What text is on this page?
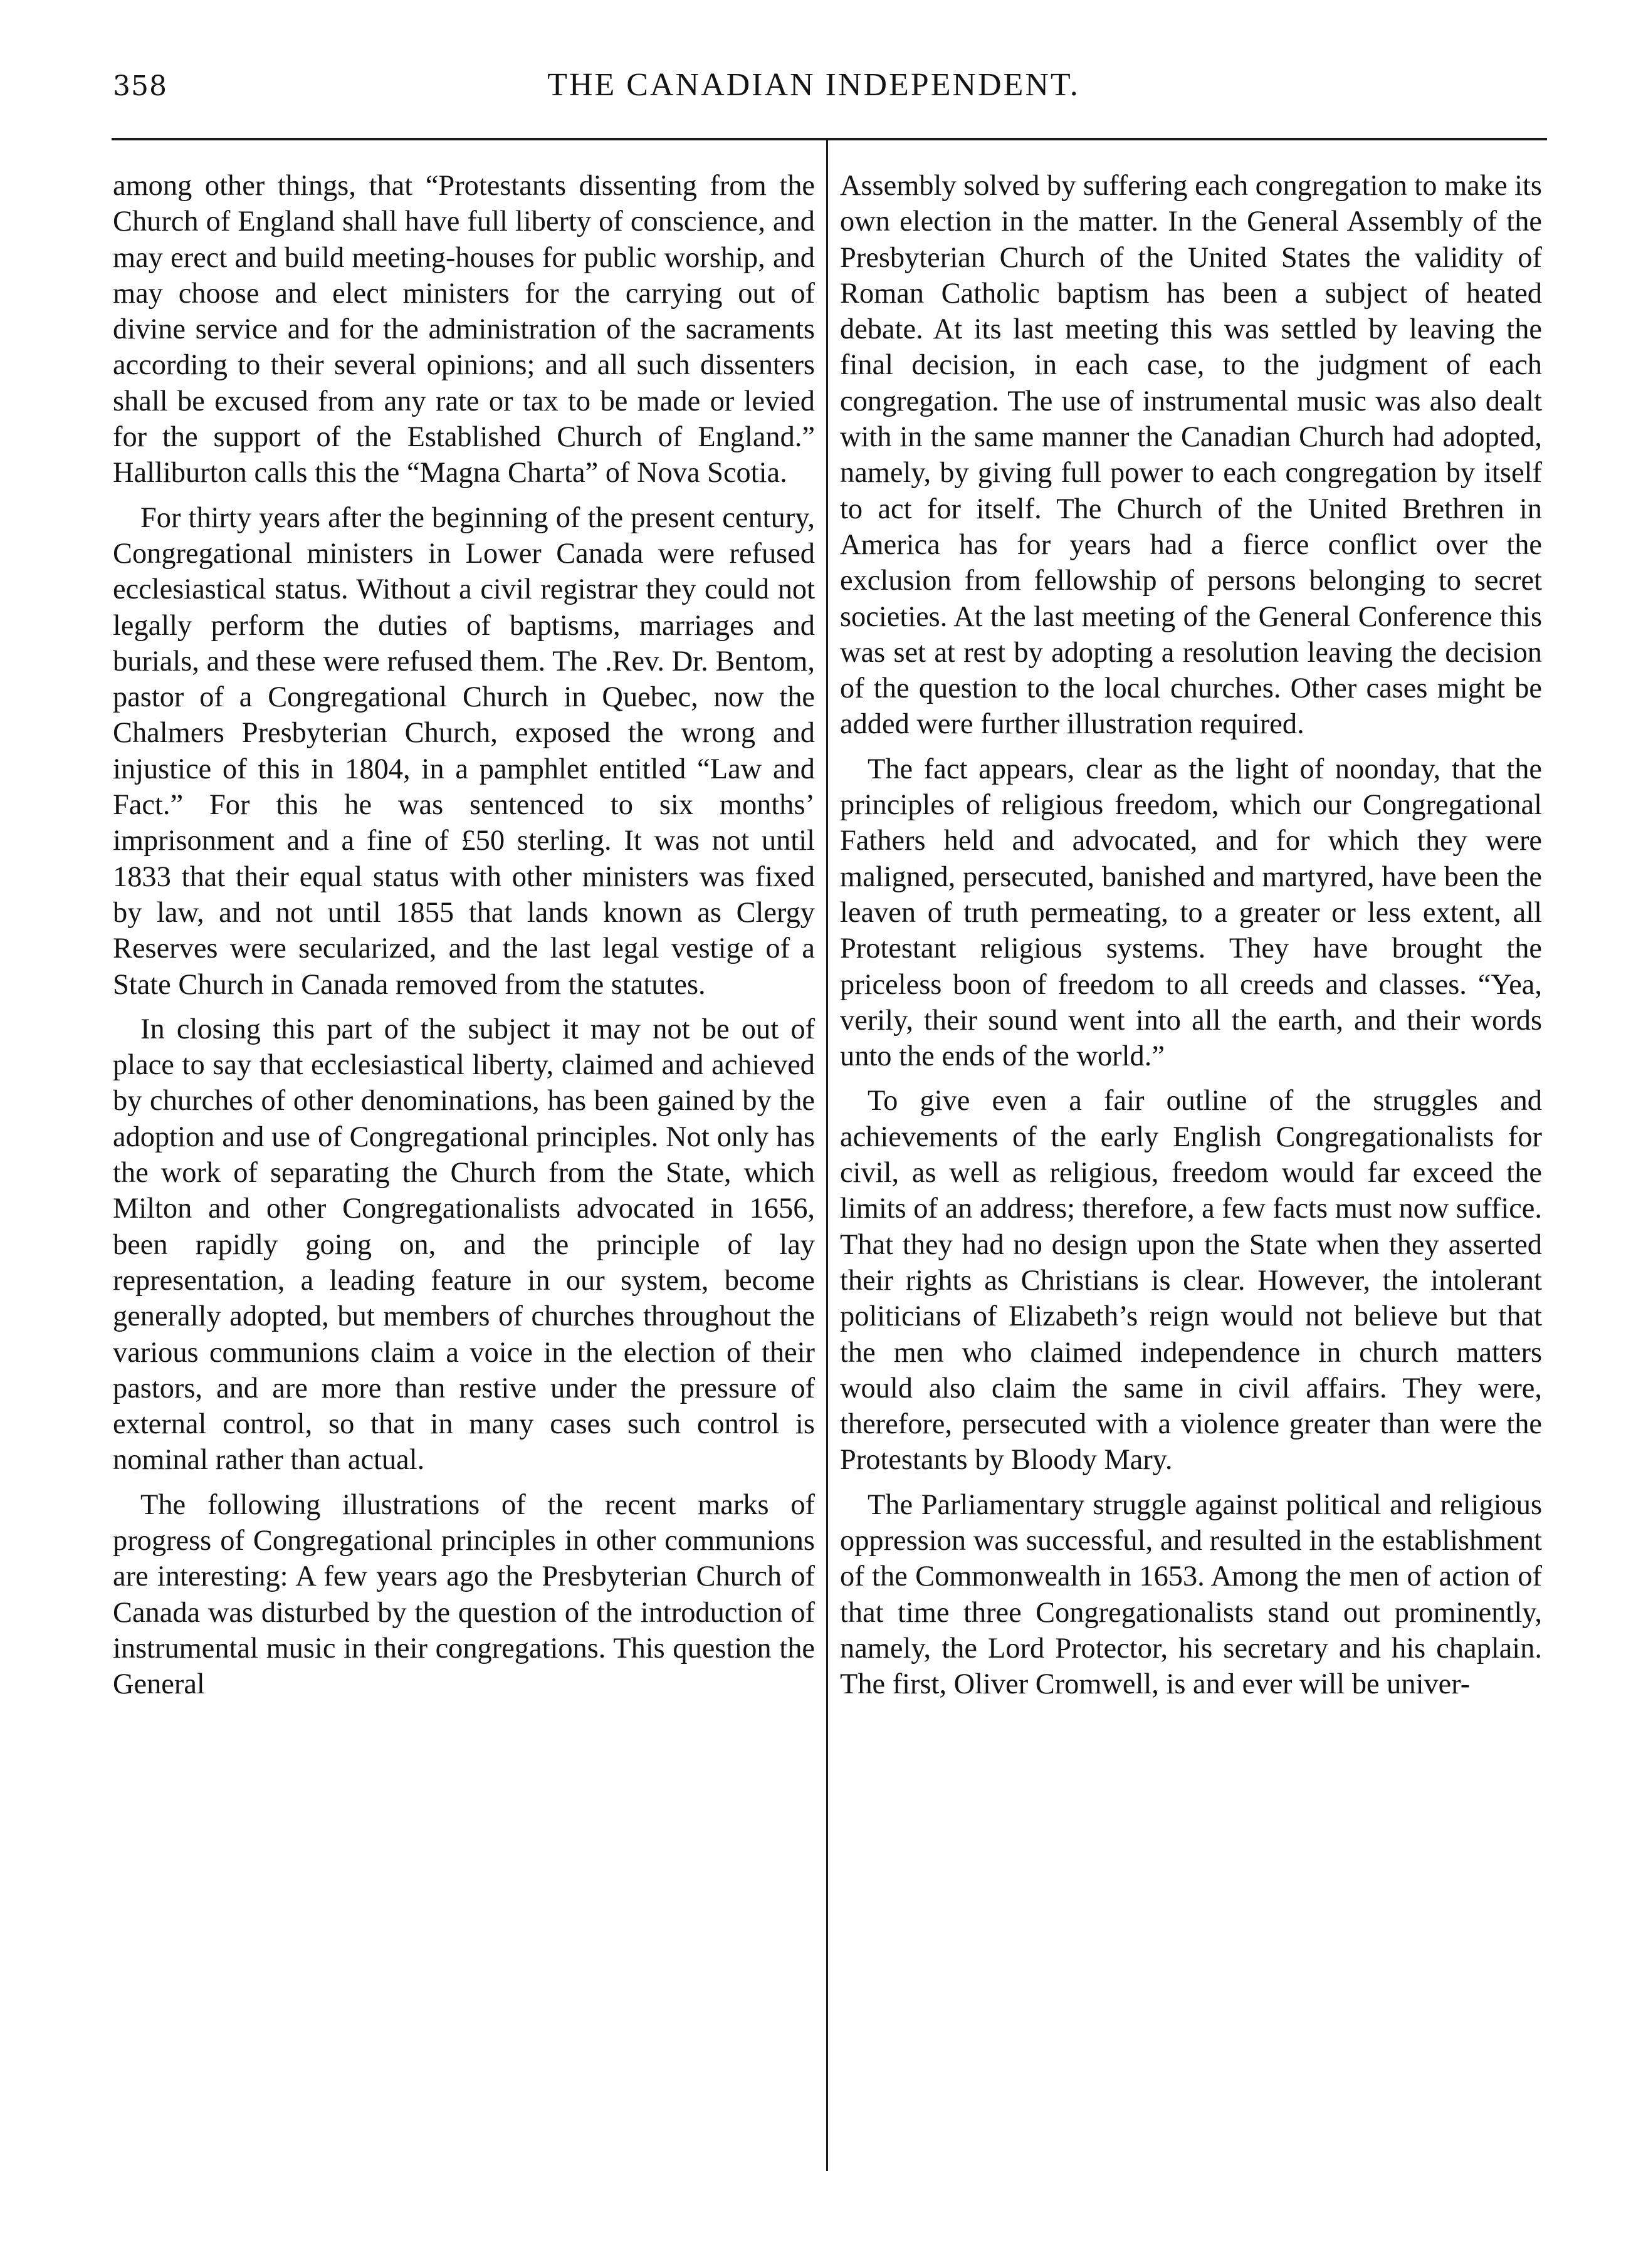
358	THE CANADIAN INDEPENDENT.

among other things, that “Protestants dissenting from the Church of England shall have full liberty of conscience, and may erect and build meeting-houses for public worship, and may choose and elect ministers for the carrying out of divine service and for the administration of the sacraments according to their several opinions; and all such dissenters shall be excused from any rate or tax to be made or levied for the support of the Established Church of England.” Halliburton calls this the “Magna Charta” of Nova Scotia.

For thirty years after the beginning of the present century, Congregational ministers in Lower Canada were refused ecclesiastical status. Without a civil registrar they could not legally perform the duties of baptisms, marriages and burials, and these were refused them. The .Rev. Dr. Bentom, pastor of a Congregational Church in Quebec, now the Chalmers Presbyterian Church, exposed the wrong and injustice of this in 1804, in a pamphlet entitled “Law and Fact.” For this he was sentenced to six months’ imprisonment and a fine of £50 sterling. It was not until 1833 that their equal status with other ministers was fixed by law, and not until 1855 that lands known as Clergy Reserves were secularized, and the last legal vestige of a State Church in Canada removed from the statutes.

In closing this part of the subject it may not be out of place to say that ecclesiastical liberty, claimed and achieved by churches of other denominations, has been gained by the adoption and use of Congregational principles. Not only has the work of separating the Church from the State, which Milton and other Congregationalists advocated in 1656, been rapidly going on, and the principle of lay representation, a leading feature in our system, become generally adopted, but members of churches throughout the various communions claim a voice in the election of their pastors, and are more than restive under the pressure of external control, so that in many cases such control is nominal rather than actual.

The following illustrations of the recent marks of progress of Congregational principles in other communions are interesting: A few years ago the Presbyterian Church of Canada was disturbed by the question of the introduction of instrumental music in their congregations. This question the General

Assembly solved by suffering each congregation to make its own election in the matter. In the General Assembly of the Presbyterian Church of the United States the validity of Roman Catholic baptism has been a subject of heated debate. At its last meeting this was settled by leaving the final decision, in each case, to the judgment of each congregation. The use of instrumental music was also dealt with in the same manner the Canadian Church had adopted, namely, by giving full power to each congregation by itself to act for itself. The Church of the United Brethren in America has for years had a fierce conflict over the exclusion from fellowship of persons belonging to secret societies. At the last meeting of the General Conference this was set at rest by adopting a resolution leaving the decision of the question to the local churches. Other cases might be added were further illustration required.

The fact appears, clear as the light of noonday, that the principles of religious freedom, which our Congregational Fathers held and advocated, and for which they were maligned, persecuted, banished and martyred, have been the leaven of truth permeating, to a greater or less extent, all Protestant religious systems. They have brought the priceless boon of freedom to all creeds and classes. “Yea, verily, their sound went into all the earth, and their words unto the ends of the world.”

To give even a fair outline of the struggles and achievements of the early English Congregationalists for civil, as well as religious, freedom would far exceed the limits of an address; therefore, a few facts must now suffice. That they had no design upon the State when they asserted their rights as Christians is clear. However, the intolerant politicians of Elizabeth’s reign would not believe but that the men who claimed independence in church matters would also claim the same in civil affairs. They were, therefore, persecuted with a violence greater than were the Protestants by Bloody Mary.

The Parliamentary struggle against political and religious oppression was successful, and resulted in the establishment of the Commonwealth in 1653. Among the men of action of that time three Congregationalists stand out prominently, namely, the Lord Protector, his secretary and his chaplain. The first, Oliver Cromwell, is and ever will be univer-
